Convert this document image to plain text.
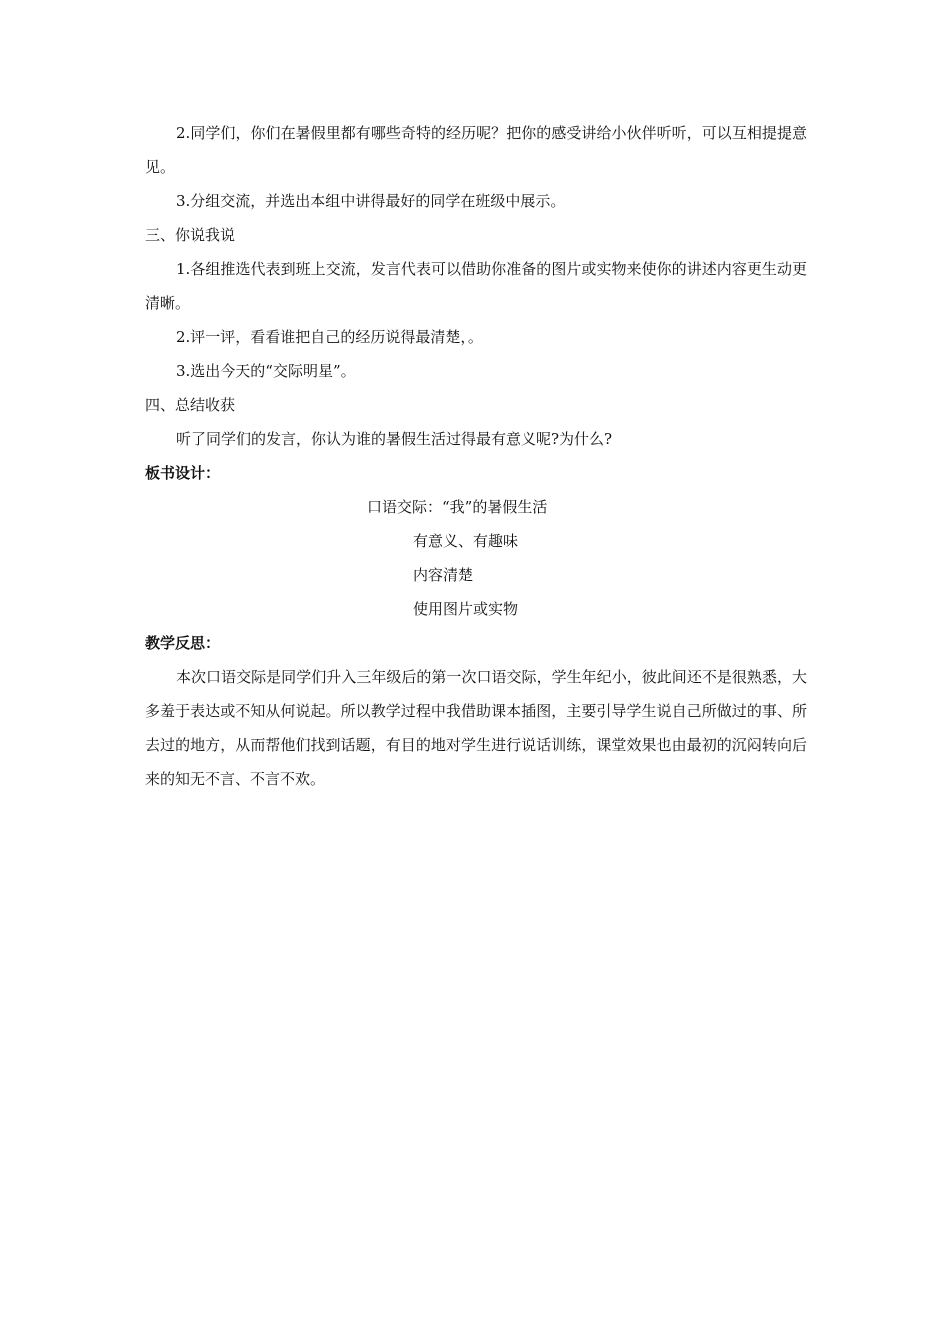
2.同学们，你们在暑假里都有哪些奇特的经历呢？把你的感受讲给小伙伴听听，可以互相提提意见。

3.分组交流，并选出本组中讲得最好的同学在班级中展示。

三、你说我说

1.各组推选代表到班上交流，发言代表可以借助你准备的图片或实物来使你的讲述内容更生动更清晰。

2.评一评，看看谁把自己的经历说得最清楚，。

3.选出今天的“交际明星”。

四、总结收获

听了同学们的发言，你认为谁的暑假生活过得最有意义呢?为什么?

板书设计：

口语交际：“我”的暑假生活

有意义、有趣味

内容清楚

使用图片或实物

教学反思：

本次口语交际是同学们升入三年级后的第一次口语交际，学生年纪小，彼此间还不是很熟悉，大多羞于表达或不知从何说起。所以教学过程中我借助课本插图，主要引导学生说自己所做过的事、所去过的地方，从而帮他们找到话题，有目的地对学生进行说话训练，课堂效果也由最初的沉闷转向后来的知无不言、不言不欢。
